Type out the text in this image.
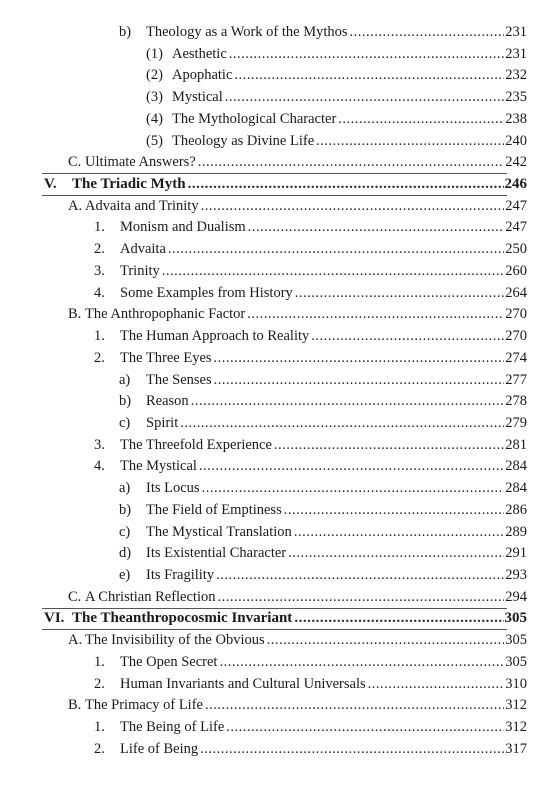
b) Theology as a Work of the Mythos .....	231
(1) Aesthetic .....	231
(2) Apophatic .....	232
(3) Mystical .....	235
(4) The Mythological Character .....	238
(5) Theology as Divine Life .....	240
C. Ultimate Answers? .....	242
V. The Triadic Myth .....	246
A. Advaita and Trinity .....	247
1. Monism and Dualism .....	247
2. Advaita .....	250
3. Trinity .....	260
4. Some Examples from History .....	264
B. The Anthropophanic Factor .....	270
1. The Human Approach to Reality .....	270
2. The Three Eyes .....	274
a) The Senses .....	277
b) Reason .....	278
c) Spirit .....	279
3. The Threefold Experience .....	281
4. The Mystical .....	284
a) Its Locus .....	284
b) The Field of Emptiness .....	286
c) The Mystical Translation .....	289
d) Its Existential Character .....	291
e) Its Fragility .....	293
C. A Christian Reflection .....	294
VI. The Theanthropocosmic Invariant .....	305
A. The Invisibility of the Obvious .....	305
1. The Open Secret .....	305
2. Human Invariants and Cultural Universals .....	310
B. The Primacy of Life .....	312
1. The Being of Life .....	312
2. Life of Being .....	317
